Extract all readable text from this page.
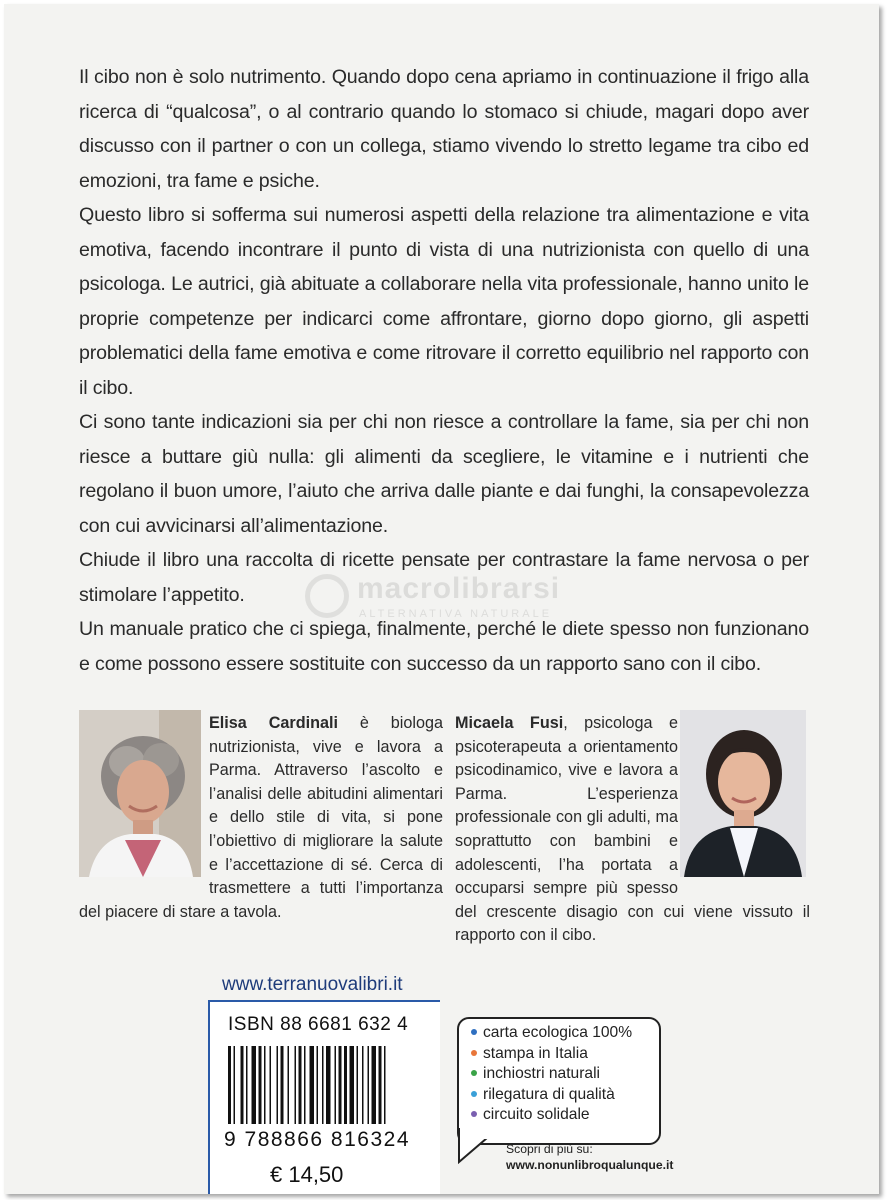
Il cibo non è solo nutrimento. Quando dopo cena apriamo in continuazione il frigo alla ricerca di “qualcosa”, o al contrario quando lo stomaco si chiude, magari dopo aver discusso con il partner o con un collega, stiamo vivendo lo stretto legame tra cibo ed emozioni, tra fame e psiche.

Questo libro si sofferma sui numerosi aspetti della relazione tra alimentazione e vita emotiva, facendo incontrare il punto di vista di una nutrizionista con quello di una psicologa. Le autrici, già abituate a collaborare nella vita professionale, hanno unito le proprie competenze per indicarci come affrontare, giorno dopo giorno, gli aspetti problematici della fame emotiva e come ritrovare il corretto equilibrio nel rapporto con il cibo.

Ci sono tante indicazioni sia per chi non riesce a controllare la fame, sia per chi non riesce a buttare giù nulla: gli alimenti da scegliere, le vitamine e i nutrienti che regolano il buon umore, l’aiuto che arriva dalle piante e dai funghi, la consapevolezza con cui avvicinarsi all’alimentazione.

Chiude il libro una raccolta di ricette pensate per contrastare la fame nervosa o per stimolare l’appetito.

Un manuale pratico che ci spiega, finalmente, perché le diete spesso non funzionano e come possono essere sostituite con successo da un rapporto sano con il cibo.

Elisa Cardinali è biologa nutrizionista, vive e lavora a Parma. Attraverso l’ascolto e l’analisi delle abitudini alimentari e dello stile di vita, si pone l’obiettivo di migliorare la salute e l’accettazione di sé. Cerca di trasmettere a tutti l’importanza del piacere di stare a tavola.
Micaela Fusi, psicologa e psicoterapeuta a orientamento psicodinamico, vive e lavora a Parma. L’esperienza professionale con gli adulti, ma soprattutto con bambini e adolescenti, l’ha portata a occuparsi sempre più spesso del crescente disagio con cui viene vissuto il rapporto con il cibo.
www.terranuovalibri.it
ISBN 88 6681 632 4
9 788866 816324
€ 14,50
carta ecologica 100%
stampa in Italia
inchiostri naturali
rilegatura di qualità
circuito solidale
Scopri di più su:
www.nonunlibroqualunque.it
